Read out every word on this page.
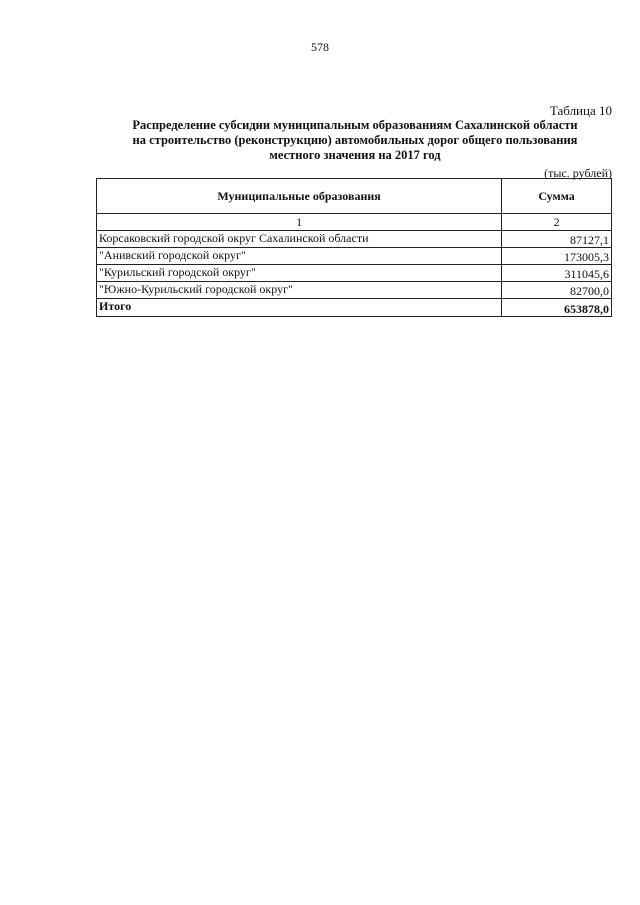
578
Таблица 10
Распределение субсидии муниципальным образованиям Сахалинской области
на строительство (реконструкцию) автомобильных дорог общего пользования
местного значения на 2017 год
(тыс. рублей)
Муниципальные образования	Сумма
1	2
Корсаковский городской округ Сахалинской области	87127,1
"Анивский городской округ"	173005,3
"Курильский городской округ"	311045,6
"Южно-Курильский городской округ"	82700,0
Итого	653878,0
